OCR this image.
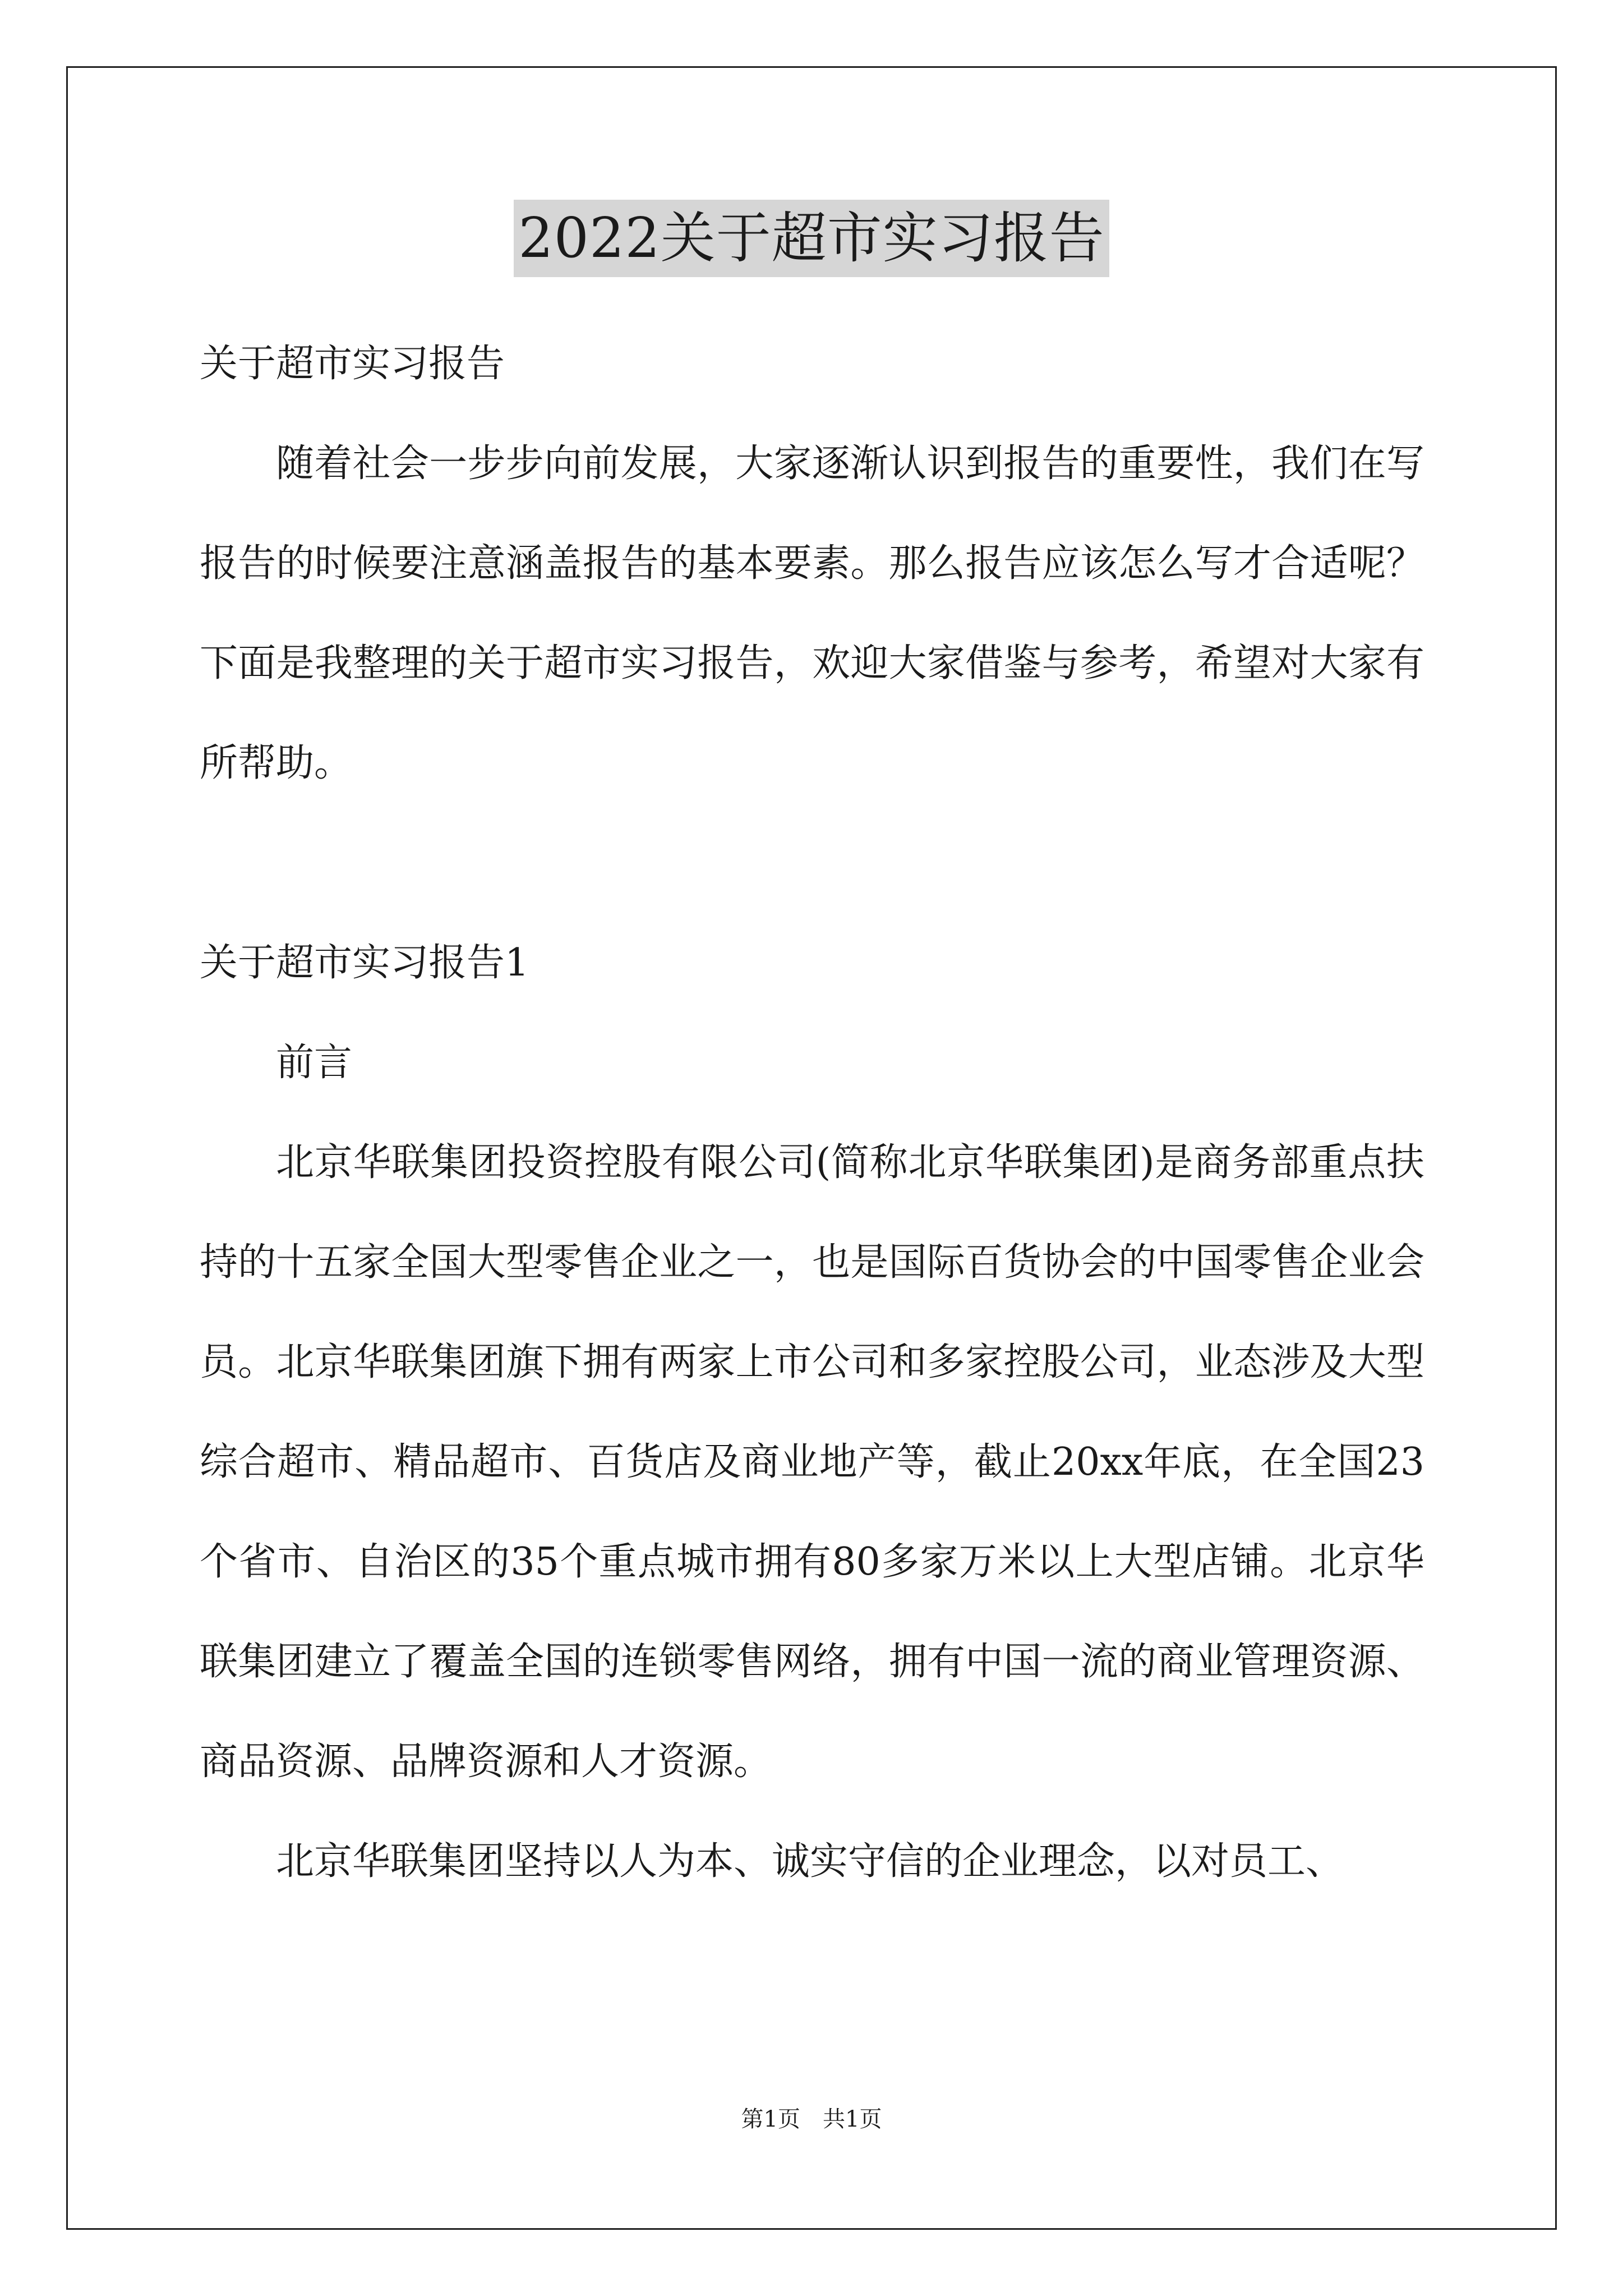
2022关于超市实习报告

关于超市实习报告

随着社会一步步向前发展，大家逐渐认识到报告的重要性，我们在写报告的时候要注意涵盖报告的基本要素。那么报告应该怎么写才合适呢？下面是我整理的关于超市实习报告，欢迎大家借鉴与参考，希望对大家有所帮助。

关于超市实习报告1

前言

北京华联集团投资控股有限公司(简称北京华联集团)是商务部重点扶持的十五家全国大型零售企业之一，也是国际百货协会的中国零售企业会员。北京华联集团旗下拥有两家上市公司和多家控股公司，业态涉及大型综合超市、精品超市、百货店及商业地产等，截止20xx年底，在全国23个省市、自治区的35个重点城市拥有80多家万米以上大型店铺。北京华联集团建立了覆盖全国的连锁零售网络，拥有中国一流的商业管理资源、商品资源、品牌资源和人才资源。

北京华联集团坚持以人为本、诚实守信的企业理念，以对员工、

第1页 共1页
